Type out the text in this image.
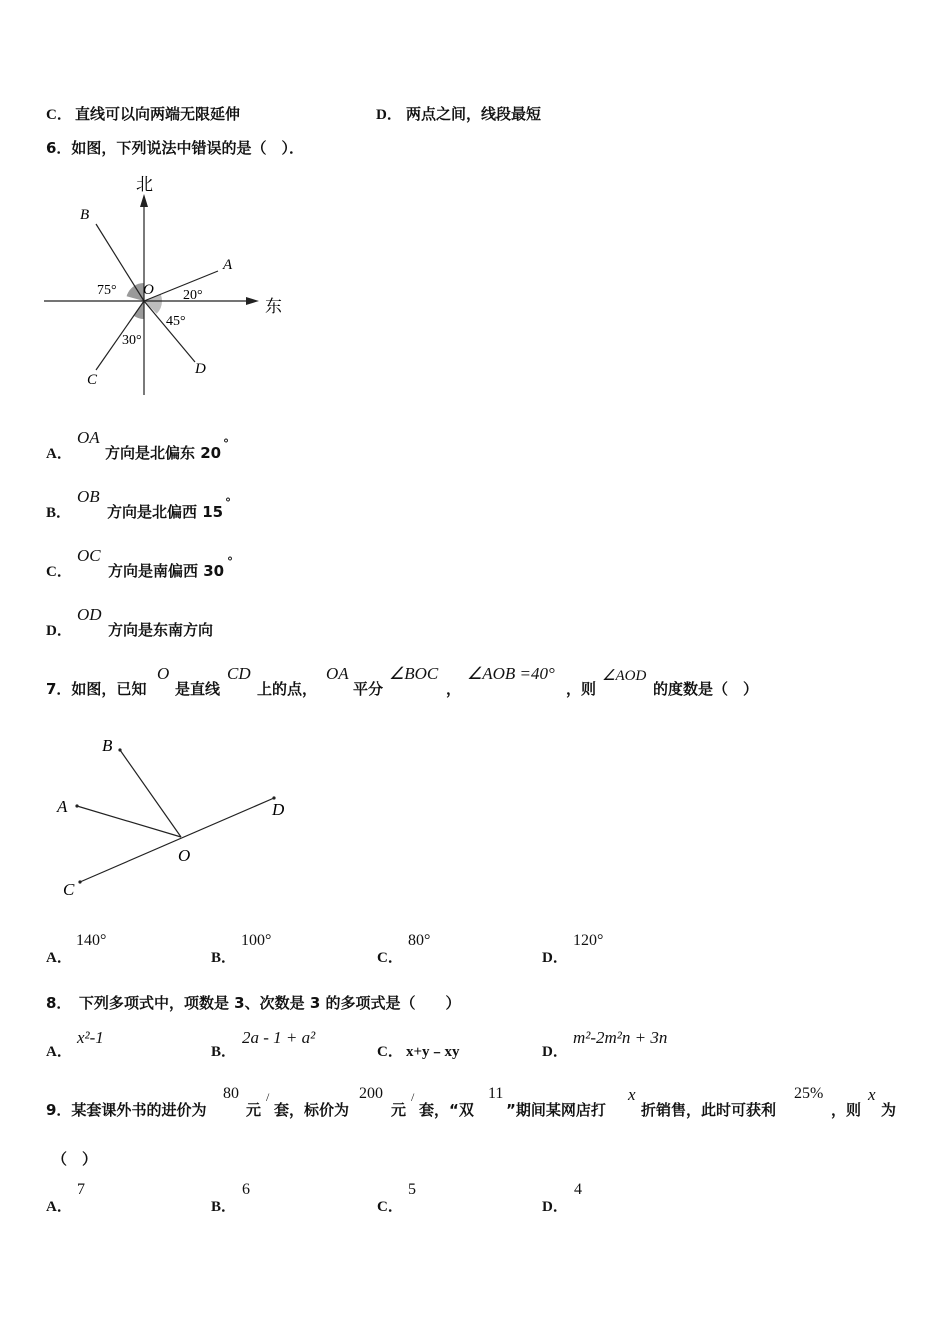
C． 直线可以向两端无限延伸	D． 两点之间，线段最短
6．如图，下列说法中错误的是（　）．
北
东
O
A
B
C
D
75°	20°
45°
30°
A．
OA
方向是北偏东 20 °
B．
OB
方向是北偏西 15 °
C．
OC
方向是南偏西 30 °
D．
OD
方向是东南方向
7．如图，已知
O
是直线
CD
上的点，
OA
平分
∠BOC
，
∠AOB =40°
，则
∠AOD
的度数是（　）
A
B
C
D
O
A．
140°
B．
100°
C．
80°
D．
120°
8．　下列多项式中，项数是 3、次数是 3 的多项式是（　　）
A．
x²-1
B．
2a - 1 + a²
C． x+y﹣xy	D．
m²-2m²n + 3n
9．某套课外书的进价为
80
元
/
套，标价为
200
元
/
套，“双
11
”期间某网店打
x
折销售，此时可获利
25%
，则
x
为
（　）
A．
7
B．
6
C．
5
D．
4
